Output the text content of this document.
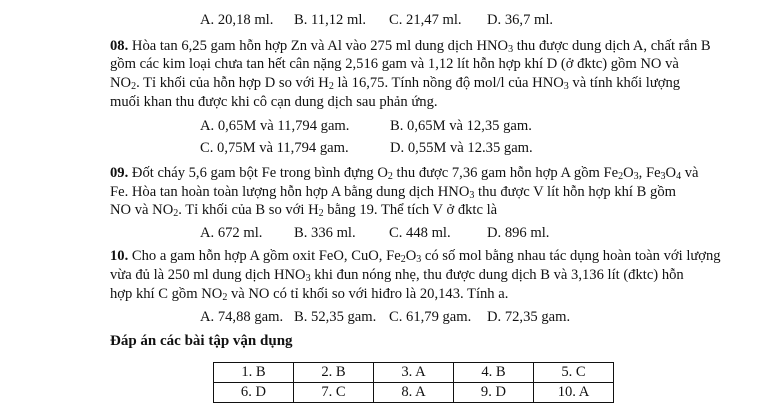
A. 20,18 ml. B. 11,12 ml. C. 21,47 ml. D. 36,7 ml.
08. Hòa tan 6,25 gam hỗn hợp Zn và Al vào 275 ml dung dịch $HNO_3$ thu được dung dịch A, chất rắn B
gồm các kim loại chưa tan hết cân nặng 2,516 gam và 1,12 lít hỗn hợp khí D (ở đktc) gồm NO và
$NO_2$. Tỉ khối của hỗn hợp D so với $H_2$ là 16,75. Tính nồng độ mol/l của $HNO_3$ và tính khối lượng
muối khan thu được khi cô cạn dung dịch sau phản ứng.
A. 0,65M và 11,794 gam.	B. 0,65M và 12,35 gam.
C. 0,75M và 11,794 gam.	D. 0,55M và 12.35 gam.
09. Đốt cháy 5,6 gam bột Fe trong bình đựng $O_2$ thu được 7,36 gam hỗn hợp A gồm $Fe_2O_3$, $Fe_3O_4$ và
Fe. Hòa tan hoàn toàn lượng hỗn hợp A bằng dung dịch $HNO_3$ thu được V lít hỗn hợp khí B gồm
NO và $NO_2$. Tỉ khối của B so với $H_2$ bằng 19. Thể tích V ở đktc là
A. 672 ml. B. 336 ml. C. 448 ml. D. 896 ml.
10. Cho a gam hỗn hợp A gồm oxit FeO, CuO, $Fe_2O_3$ có số mol bằng nhau tác dụng hoàn toàn với lượng
vừa đủ là 250 ml dung dịch $HNO_3$ khi đun nóng nhẹ, thu được dung dịch B và 3,136 lít (đktc) hỗn
hợp khí C gồm $NO_2$ và NO có tỉ khối so với hiđro là 20,143. Tính a.
A. 74,88 gam. B. 52,35 gam. C. 61,79 gam. D. 72,35 gam.
Đáp án các bài tập vận dụng
1. B	2. B	3. A	4. B	5. C
6. D	7. C	8. A	9. D	10. A
